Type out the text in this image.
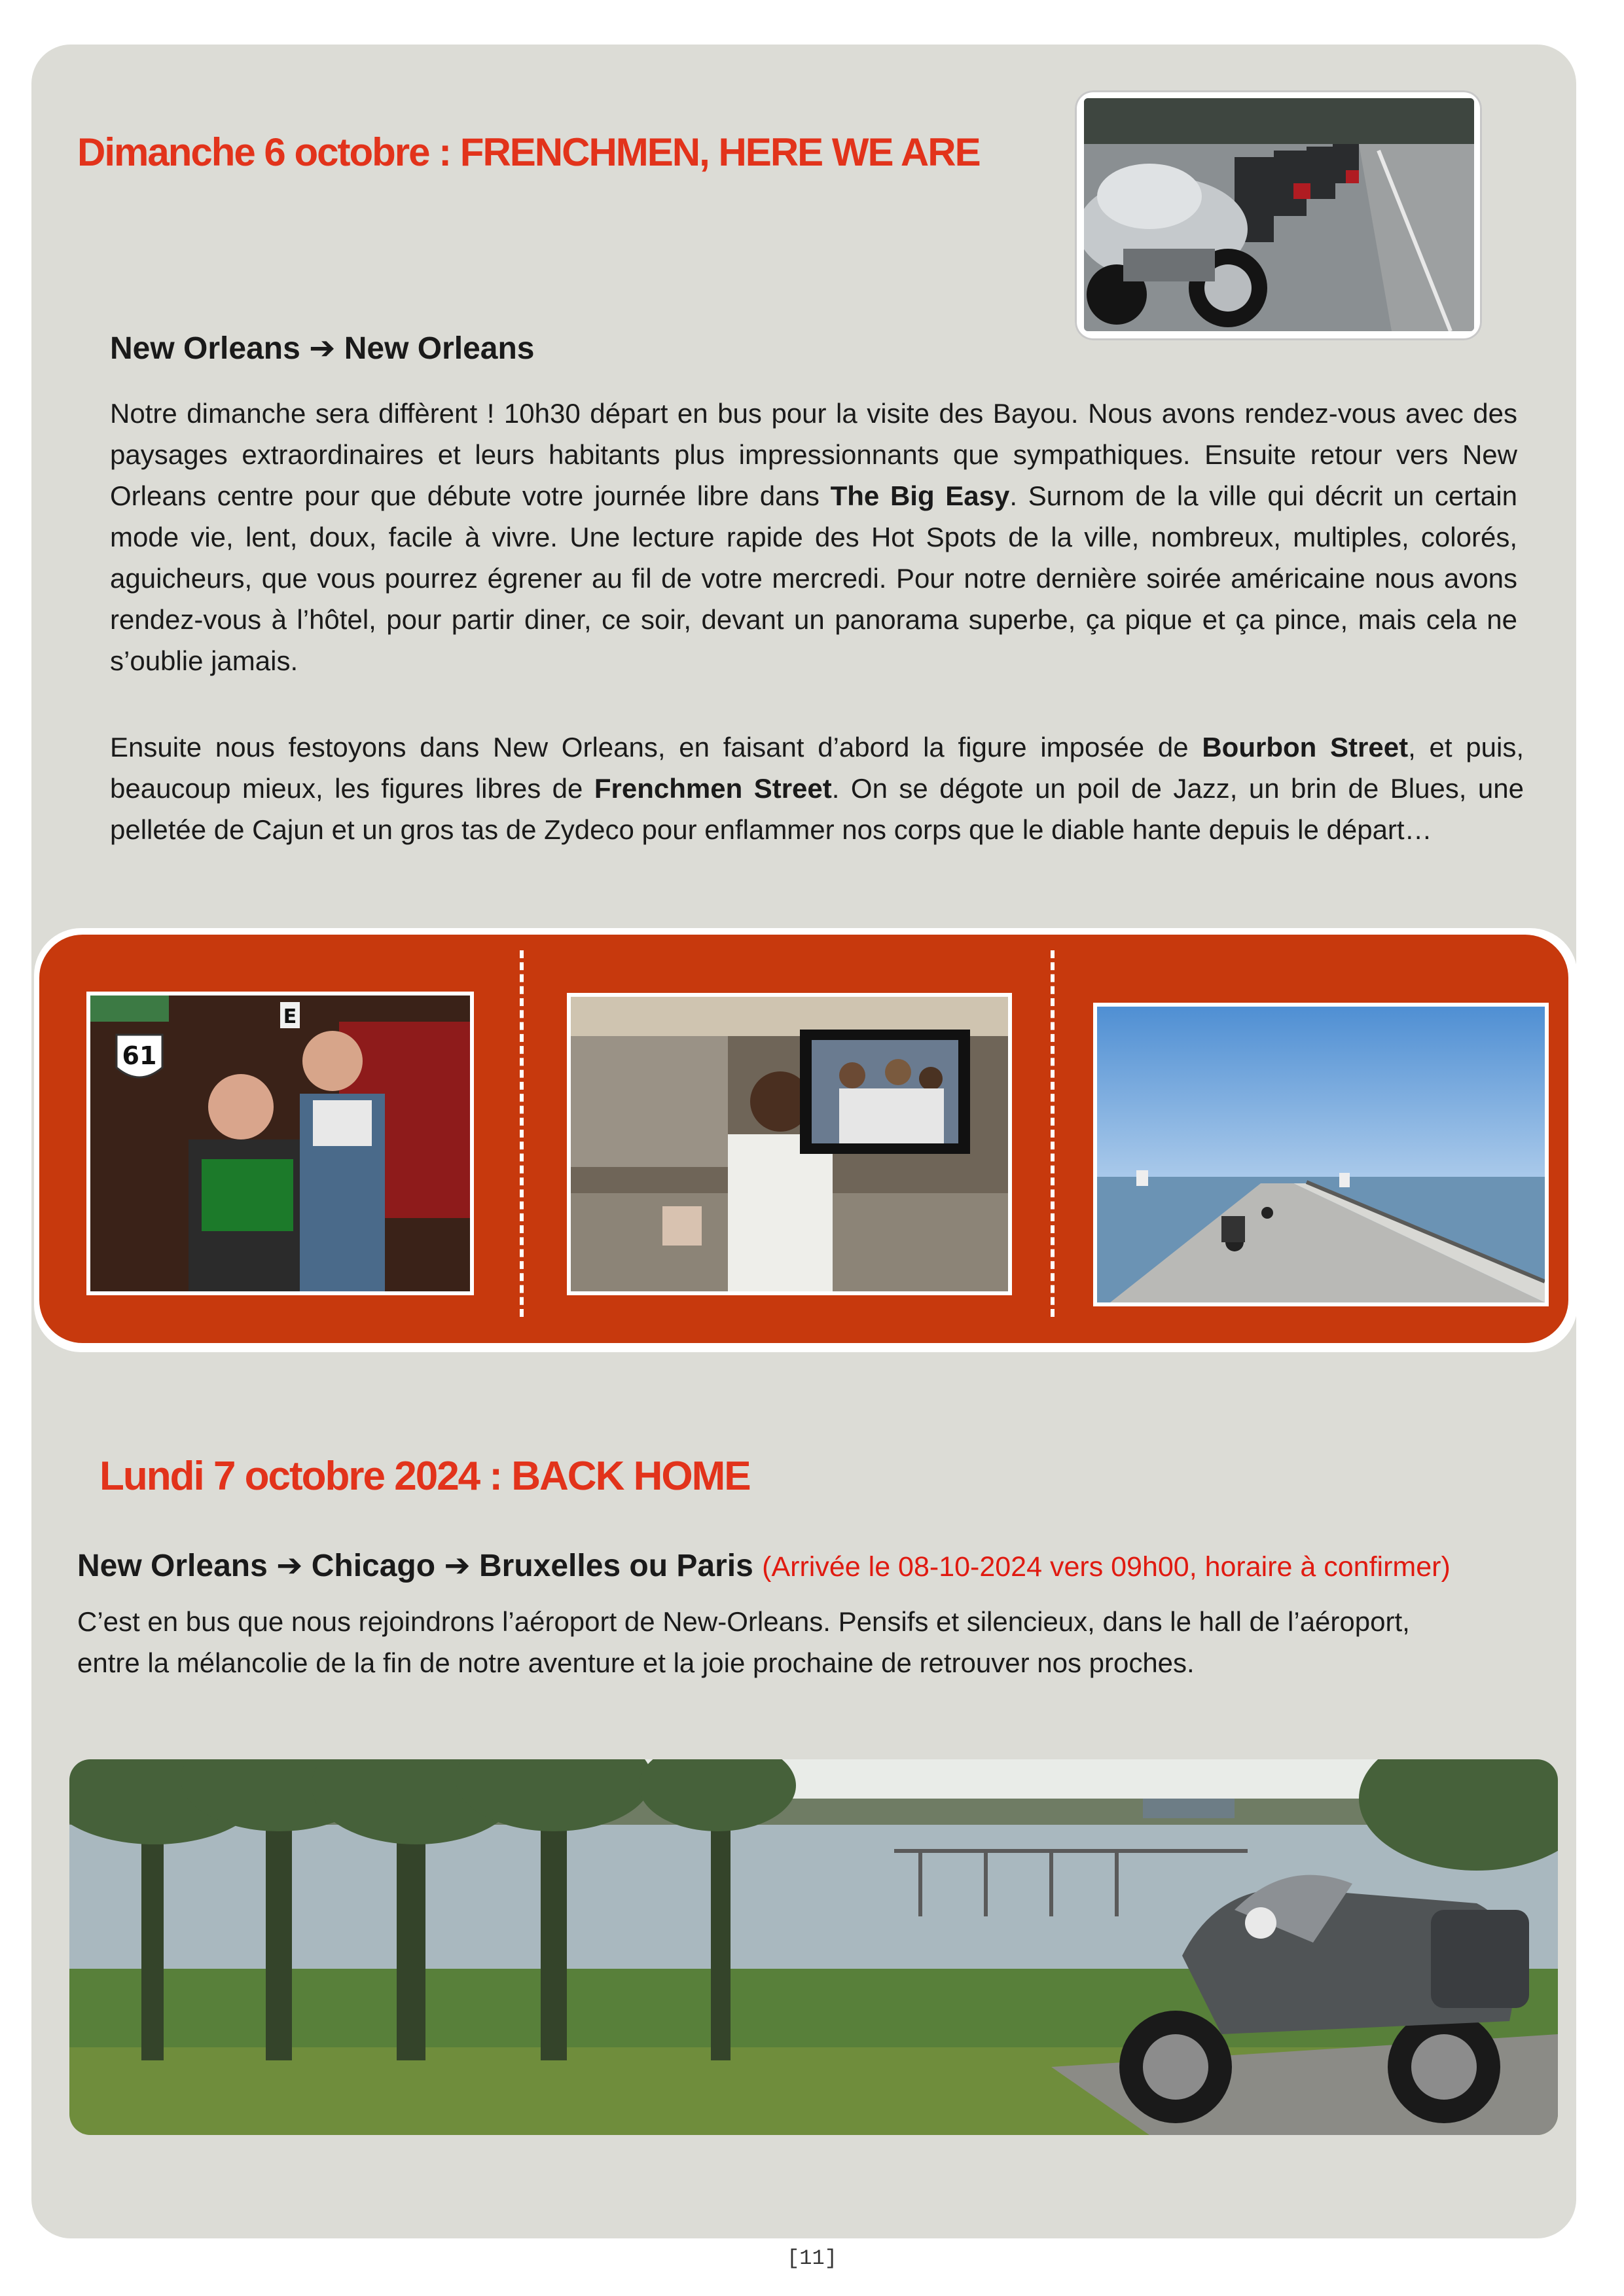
Dimanche 6 octobre : FRENCHMEN, HERE WE ARE

New Orleans ➔ New Orleans

Notre dimanche sera diffèrent ! 10h30 départ en bus pour la visite des Bayou. Nous avons rendez-vous avec des paysages extraordinaires et leurs habitants plus impressionnants que sympathiques. Ensuite retour vers New Orleans centre pour que débute votre journée libre dans The Big Easy. Surnom de la ville qui décrit un certain mode vie, lent, doux, facile à vivre. Une lecture rapide des Hot Spots de la ville, nombreux, multiples, colorés, aguicheurs, que vous pourrez égrener au fil de votre mercredi. Pour notre dernière soirée américaine nous avons rendez-vous à l’hôtel, pour partir diner, ce soir, devant un panorama superbe, ça pique et ça pince, mais cela ne s’oublie jamais.

Ensuite nous festoyons dans New Orleans, en faisant d’abord la figure imposée de Bourbon Street, et puis, beaucoup mieux, les figures libres de Frenchmen Street. On se dégote un poil de Jazz, un brin de Blues, une pelletée de Cajun et un gros tas de Zydeco pour enflammer nos corps que le diable hante depuis le départ…

61
E
Lundi 7 octobre 2024 : BACK HOME

New Orleans ➔ Chicago ➔ Bruxelles ou Paris (Arrivée le 08-10-2024 vers 09h00, horaire à confirmer)

C’est en bus que nous rejoindrons l’aéroport de New-Orleans. Pensifs et silencieux, dans le hall de l’aéroport, entre la mélancolie de la fin de notre aventure et la joie prochaine de retrouver nos proches.

[11]
